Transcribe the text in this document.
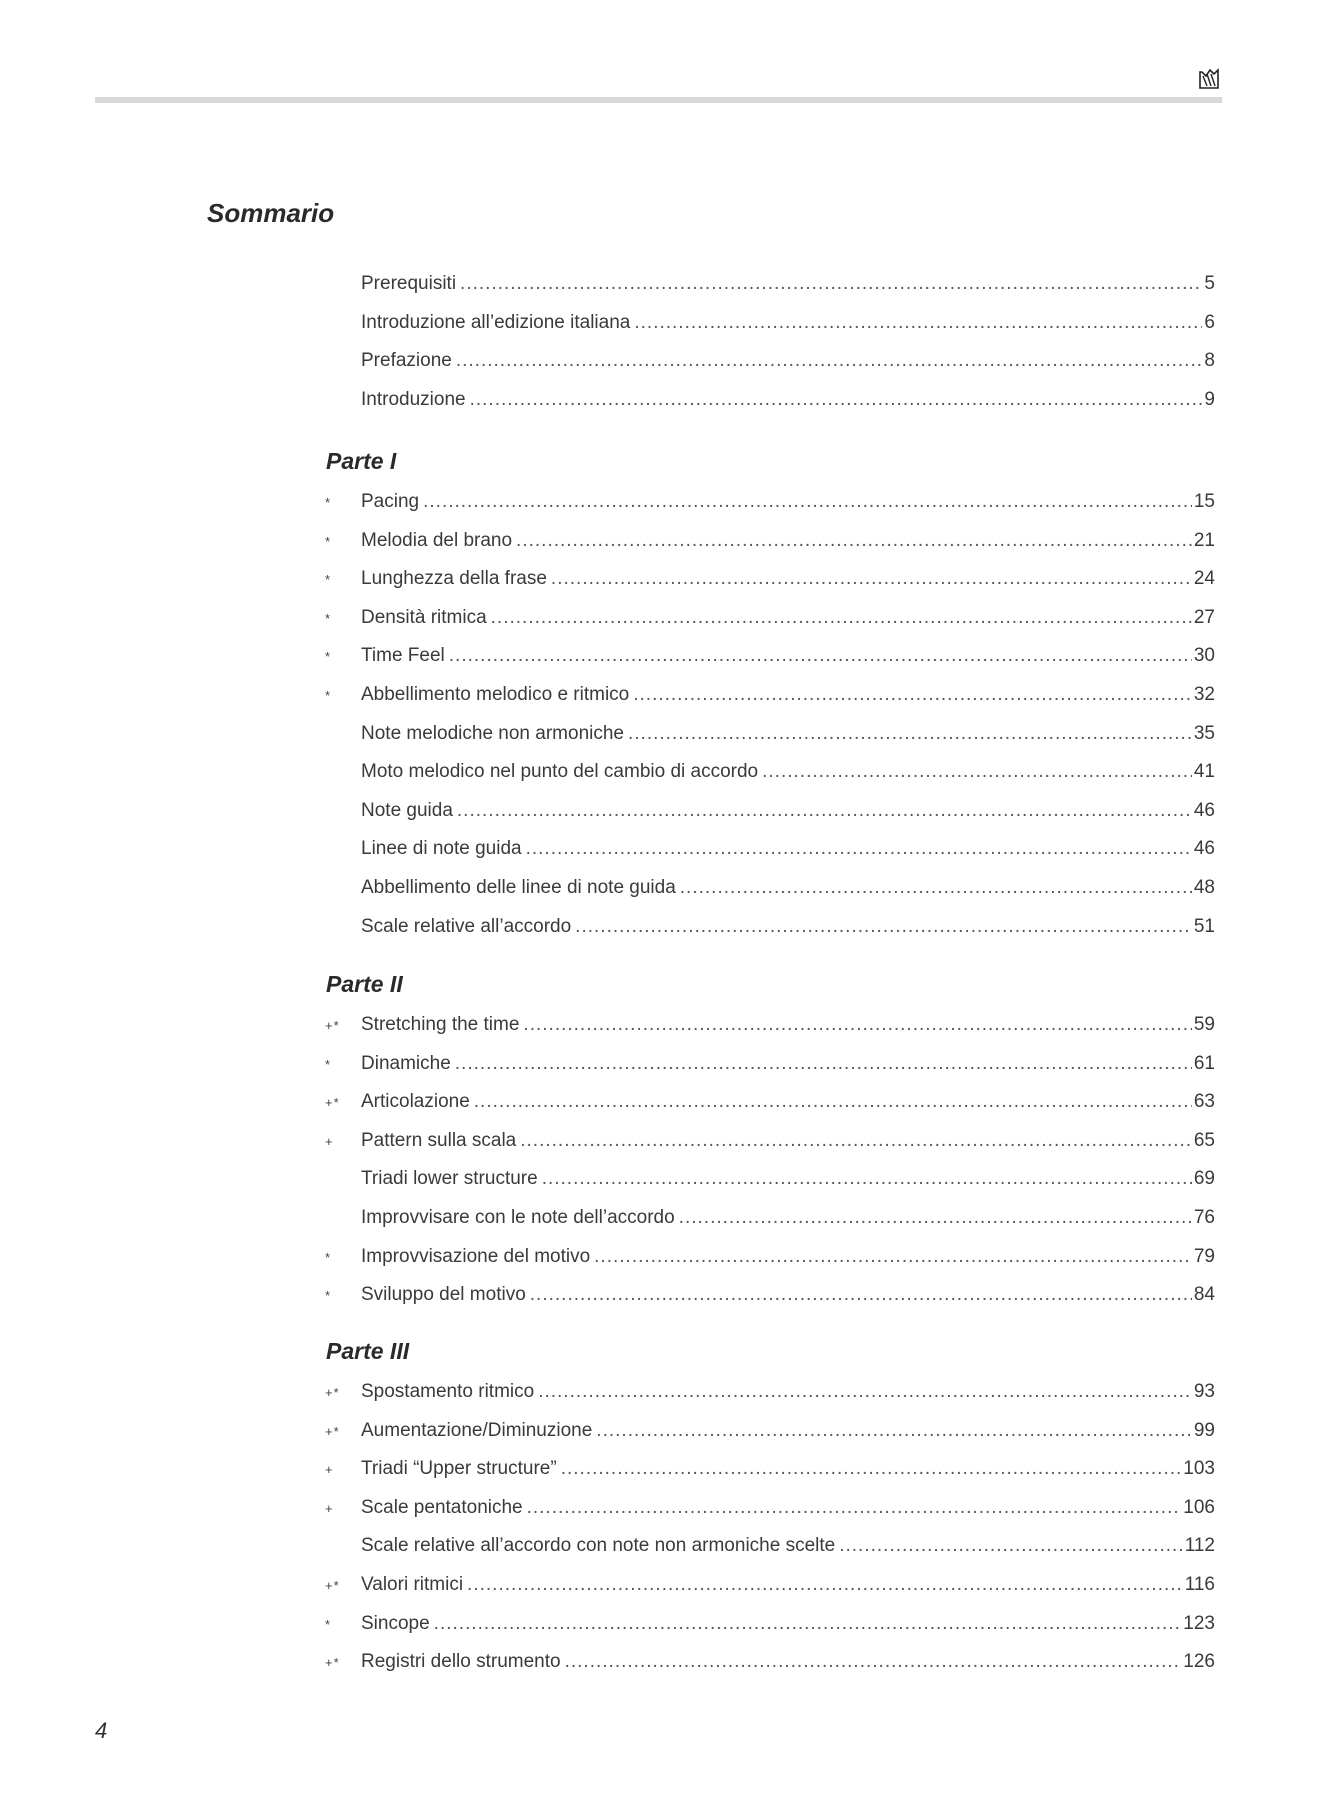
Sommario
Prerequisiti .....	5
Introduzione all’edizione italiana .....	6
Prefazione .....	8
Introduzione .....	9
Parte I
*	Pacing .....	15
*	Melodia del brano .....	21
*	Lunghezza della frase .....	24
*	Densità ritmica .....	27
*	Time Feel .....	30
*	Abbellimento melodico e ritmico .....	32
Note melodiche non armoniche .....	35
Moto melodico nel punto del cambio di accordo .....	41
Note guida .....	46
Linee di note guida .....	46
Abbellimento delle linee di note guida .....	48
Scale relative all’accordo .....	51
Parte II
+*	Stretching the time .....	59
*	Dinamiche .....	61
+*	Articolazione .....	63
+	Pattern sulla scala .....	65
Triadi lower structure .....	69
Improvvisare con le note dell’accordo .....	76
*	Improvvisazione del motivo .....	79
*	Sviluppo del motivo .....	84
Parte III
+*	Spostamento ritmico .....	93
+*	Aumentazione/Diminuzione .....	99
+	Triadi “Upper structure” .....	103
+	Scale pentatoniche .....	106
Scale relative all’accordo con note non armoniche scelte .....	112
+*	Valori ritmici .....	116
*	Sincope .....	123
+*	Registri dello strumento .....	126
4
